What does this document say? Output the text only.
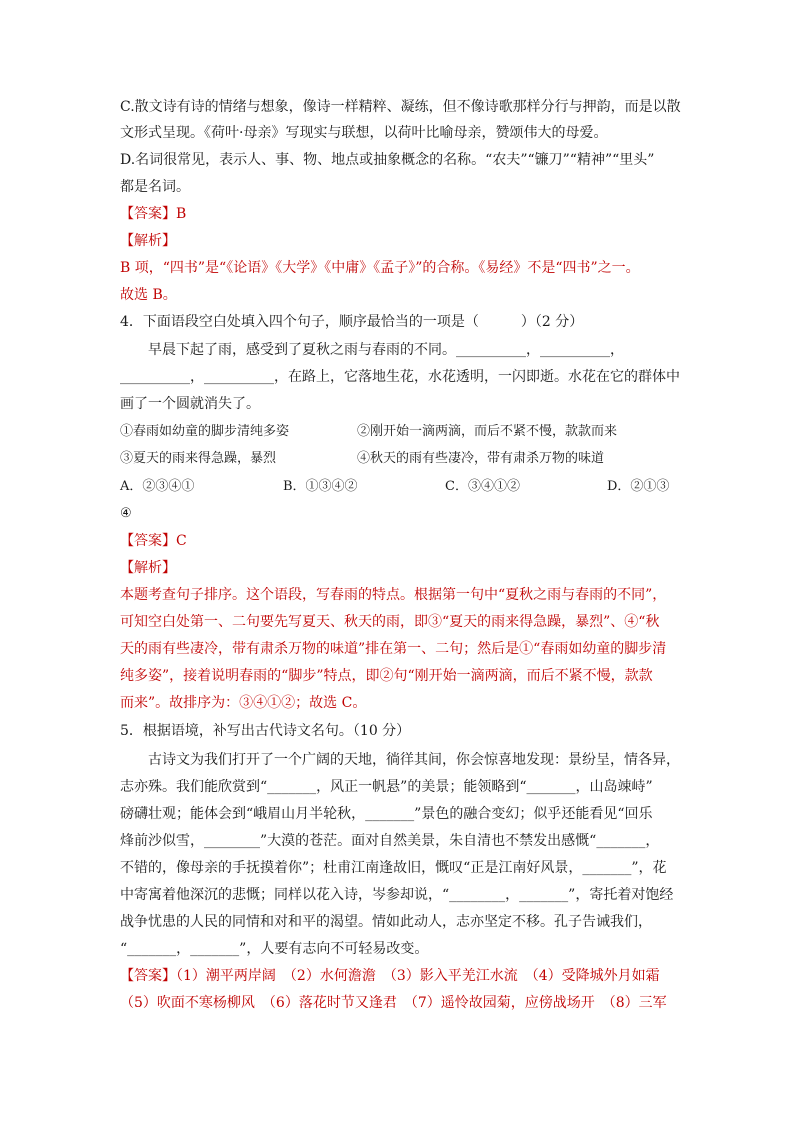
C.散文诗有诗的情绪与想象，像诗一样精粹、凝练，但不像诗歌那样分行与押韵，而是以散
文形式呈现。《荷叶·母亲》写现实与联想，以荷叶比喻母亲，赞颂伟大的母爱。
D.名词很常见，表示人、事、物、地点或抽象概念的名称。“农夫”“镰刀”“精神”“里头”
都是名词。
【答案】B
【解析】
B 项，“四书”是“《论语》《大学》《中庸》《孟子》”的合称。《易经》不是“四书”之一。
故选 B。
4．下面语段空白处填入四个句子，顺序最恰当的一项是（　　　）（2 分）
早晨下起了雨，感受到了夏秋之雨与春雨的不同。__________，__________，
__________，__________，在路上，它落地生花，水花透明，一闪即逝。水花在它的群体中
画了一个圆就消失了。
①春雨如幼童的脚步清纯多姿	②刚开始一滴两滴，而后不紧不慢，款款而来
③夏天的雨来得急躁，暴烈	④秋天的雨有些凄冷，带有肃杀万物的味道
A．②③④①	B．①③④②	C．③④①②	D．②①③
④
【答案】C
【解析】
本题考查句子排序。这个语段，写春雨的特点。根据第一句中“夏秋之雨与春雨的不同”，
可知空白处第一、二句要先写夏天、秋天的雨，即③“夏天的雨来得急躁，暴烈”、④“秋
天的雨有些凄冷，带有肃杀万物的味道”排在第一、二句；然后是①“春雨如幼童的脚步清
纯多姿”，接着说明春雨的“脚步”特点，即②句“刚开始一滴两滴，而后不紧不慢，款款
而来”。故排序为：③④①②；故选 C。
5．根据语境，补写出古代诗文名句。（10 分）
古诗文为我们打开了一个广阔的天地，徜徉其间，你会惊喜地发现：景纷呈，情各异，
志亦殊。我们能欣赏到“_______，风正一帆悬”的美景；能领略到“_______，山岛竦峙”
磅礴壮观；能体会到“峨眉山月半轮秋，_______”景色的融合变幻；似乎还能看见“回乐
烽前沙似雪，________”大漠的苍茫。面对自然美景，朱自清也不禁发出感慨“_______，
不错的，像母亲的手抚摸着你”；杜甫江南逢故旧，慨叹“正是江南好风景，_______”，花
中寄寓着他深沉的悲慨；同样以花入诗，岑参却说，“________，_______”，寄托着对饱经
战争忧患的人民的同情和对和平的渴望。情如此动人，志亦坚定不移。孔子告诫我们，
“_______，_______”，人要有志向不可轻易改变。
【答案】（1）潮平两岸阔　（2）水何澹澹　（3）影入平羌江水流　（4）受降城外月如霜
（5）吹面不寒杨柳风　（6）落花时节又逢君　（7）遥怜故园菊，应傍战场开　（8）三军
